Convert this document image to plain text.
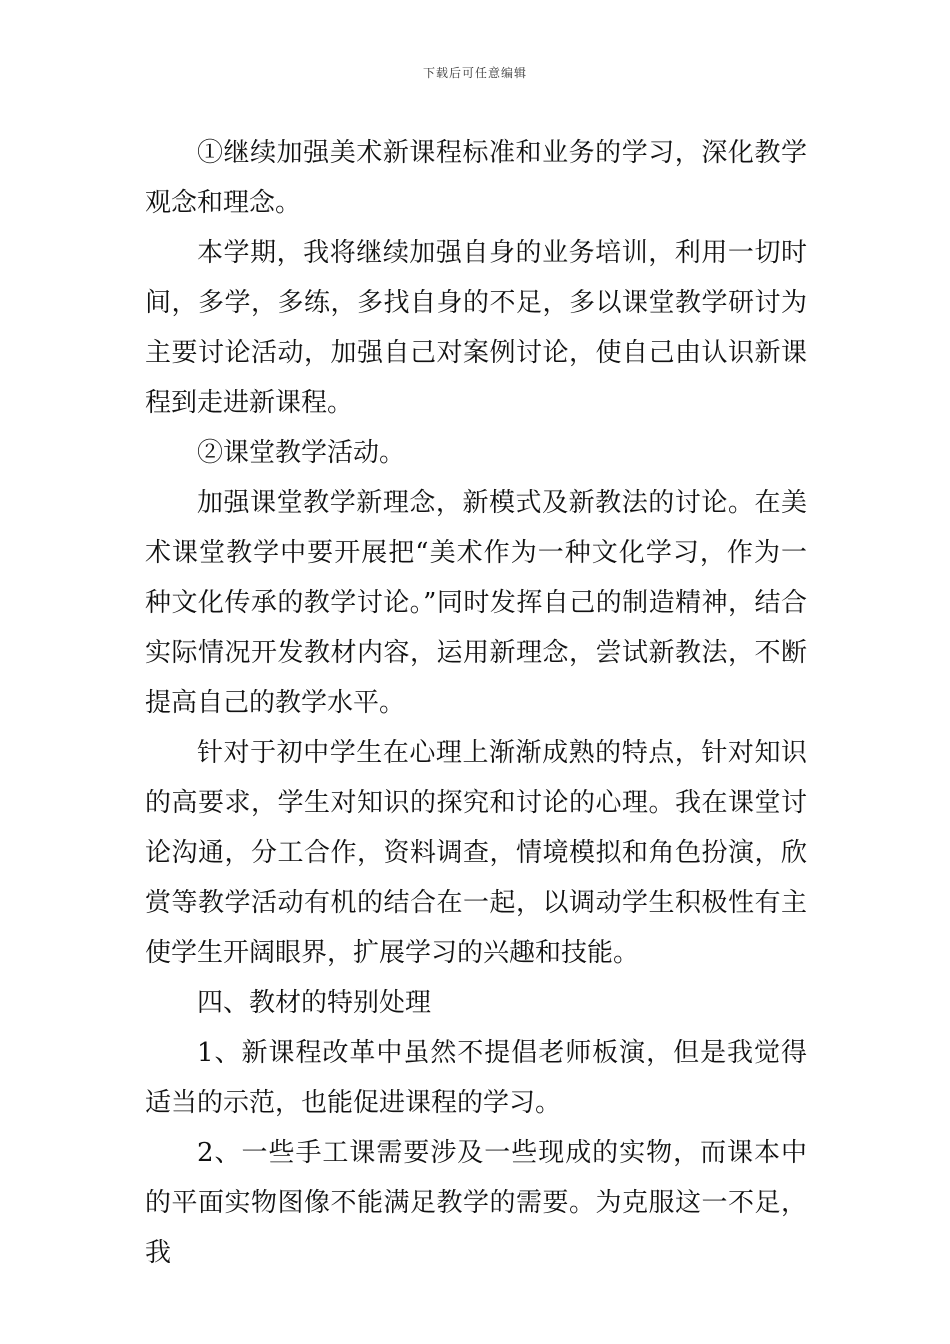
下载后可任意编辑

①继续加强美术新课程标准和业务的学习，深化教学观念和理念。

本学期，我将继续加强自身的业务培训，利用一切时间，多学，多练，多找自身的不足，多以课堂教学研讨为主要讨论活动，加强自己对案例讨论，使自己由认识新课程到走进新课程。

②课堂教学活动。

加强课堂教学新理念，新模式及新教法的讨论。在美术课堂教学中要开展把“美术作为一种文化学习，作为一种文化传承的教学讨论。”同时发挥自己的制造精神，结合实际情况开发教材内容，运用新理念，尝试新教法，不断提高自己的教学水平。

针对于初中学生在心理上渐渐成熟的特点，针对知识的高要求，学生对知识的探究和讨论的心理。我在课堂讨论沟通，分工合作，资料调查，情境模拟和角色扮演，欣赏等教学活动有机的结合在一起，以调动学生积极性有主使学生开阔眼界，扩展学习的兴趣和技能。

四、教材的特别处理

1、新课程改革中虽然不提倡老师板演，但是我觉得适当的示范，也能促进课程的学习。

2、一些手工课需要涉及一些现成的实物，而课本中的平面实物图像不能满足教学的需要。为克服这一不足，我
